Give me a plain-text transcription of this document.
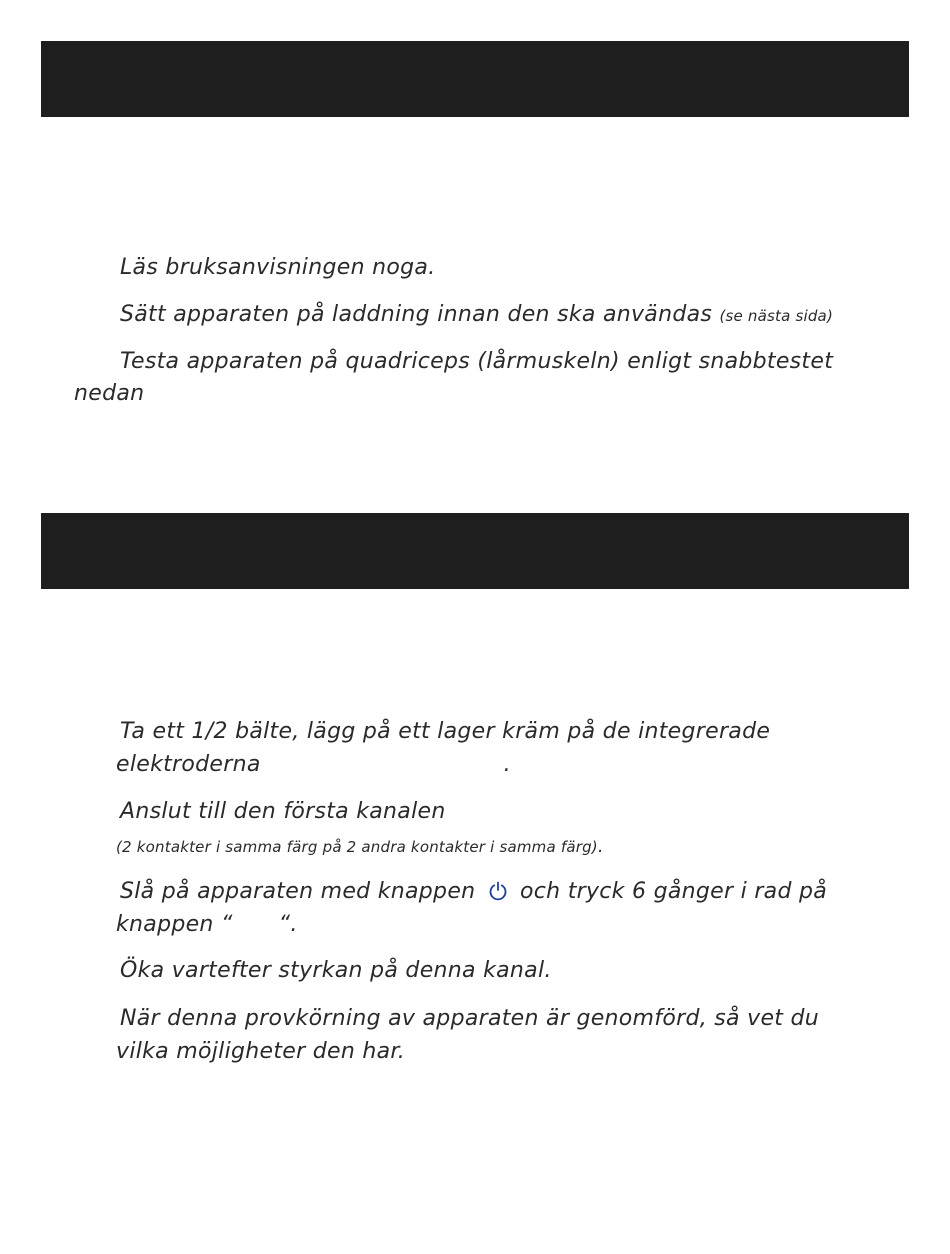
Läs bruksanvisningen noga.
Sätt apparaten på laddning innan den ska användas (se nästa sida)
Testa apparaten på quadriceps (lårmuskeln) enligt snabbtestet
nedan
Ta ett 1/2 bälte, lägg på ett lager kräm på de integrerade
elektroderna	.
Anslut till den första kanalen
(2 kontakter i samma färg på 2 andra kontakter i samma färg).
Slå på apparaten med knappen och tryck 6 gånger i rad på
knappen “ “.
Öka vartefter styrkan på denna kanal.
När denna provkörning av apparaten är genomförd, så vet du
vilka möjligheter den har.
